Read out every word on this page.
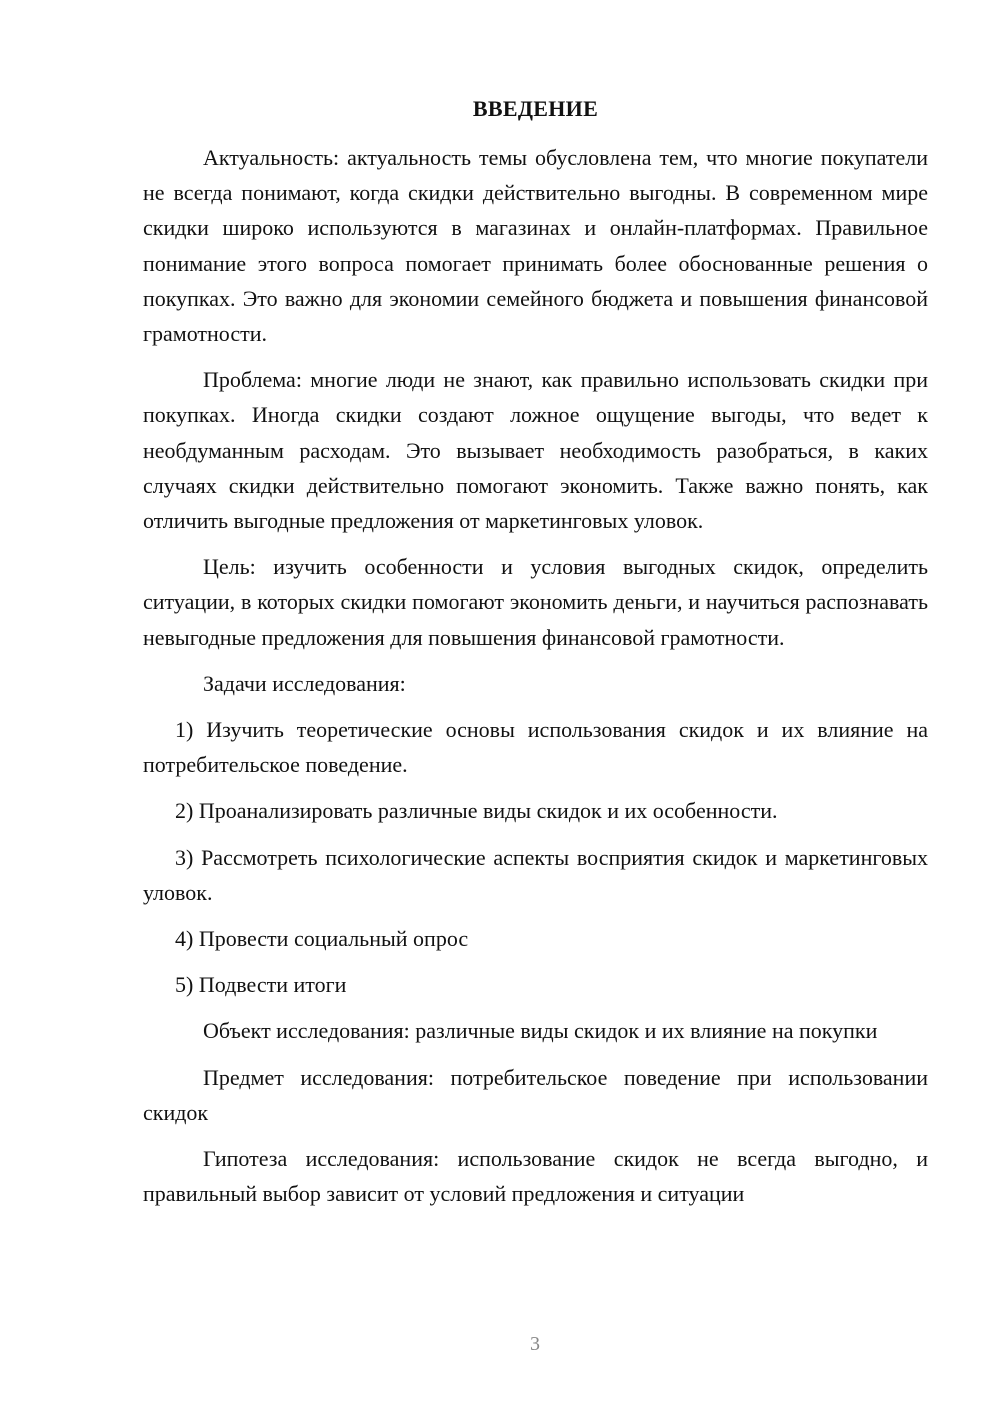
ВВЕДЕНИЕ

Актуальность: актуальность темы обусловлена тем, что многие покупатели не всегда понимают, когда скидки действительно выгодны. В современном мире скидки широко используются в магазинах и онлайн-платформах. Правильное понимание этого вопроса помогает принимать более обоснованные решения о покупках. Это важно для экономии семейного бюджета и повышения финансовой грамотности.

Проблема: многие люди не знают, как правильно использовать скидки при покупках. Иногда скидки создают ложное ощущение выгоды, что ведет к необдуманным расходам. Это вызывает необходимость разобраться, в каких случаях скидки действительно помогают экономить. Также важно понять, как отличить выгодные предложения от маркетинговых уловок.

Цель: изучить особенности и условия выгодных скидок, определить ситуации, в которых скидки помогают экономить деньги, и научиться распознавать невыгодные предложения для повышения финансовой грамотности.

Задачи исследования:

1) Изучить теоретические основы использования скидок и их влияние на потребительское поведение.

2) Проанализировать различные виды скидок и их особенности.

3) Рассмотреть психологические аспекты восприятия скидок и маркетинговых уловок.

4) Провести социальный опрос

5) Подвести итоги

Объект исследования: различные виды скидок и их влияние на покупки

Предмет исследования: потребительское поведение при использовании скидок

Гипотеза исследования: использование скидок не всегда выгодно, и правильный выбор зависит от условий предложения и ситуации

3
